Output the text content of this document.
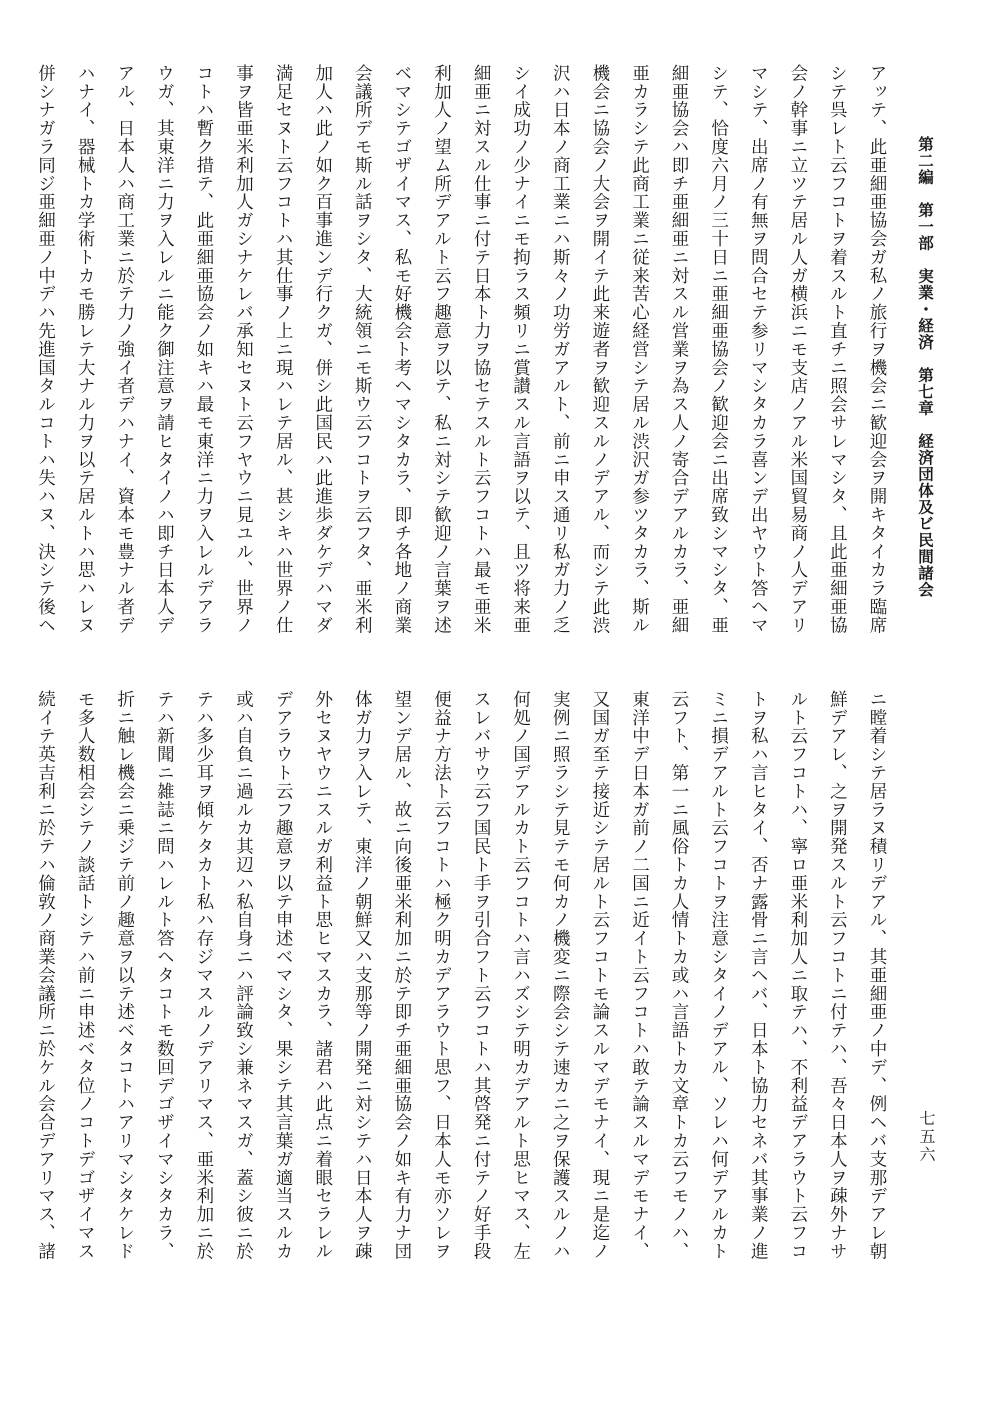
第二編　第一部　実業・経済　第七章　経済団体及ビ民間諸会
七五六
アッテ、此亜細亜協会ガ私ノ旅行ヲ機会ニ歓迎会ヲ開キタイカラ臨席
シテ呉レト云フコトヲ着スルト直チニ照会サレマシタ、且此亜細亜協
会ノ幹事ニ立ツテ居ル人ガ横浜ニモ支店ノアル米国貿易商ノ人デアリ
マシテ、出席ノ有無ヲ問合セテ参リマシタカラ喜ンデ出ヤウト答ヘマ
シテ、恰度六月ノ三十日ニ亜細亜協会ノ歓迎会ニ出席致シマシタ、亜
細亜協会ハ即チ亜細亜ニ対スル営業ヲ為ス人ノ寄合デアルカラ、亜細
亜カラシテ此商工業ニ従来苦心経営シテ居ル渋沢ガ参ツタカラ、斯ル
機会ニ協会ノ大会ヲ開イテ此来遊者ヲ歓迎スルノデアル、而シテ此渋
沢ハ日本ノ商工業ニハ斯々ノ功労ガアルト、前ニ申ス通リ私ガ力ノ乏
シイ成功ノ少ナイニモ拘ラス頻リニ賞讃スル言語ヲ以テ、且ツ将来亜
細亜ニ対スル仕事ニ付テ日本ト力ヲ協セテスルト云フコトハ最モ亜米
利加人ノ望ム所デアルト云フ趣意ヲ以テ、私ニ対シテ歓迎ノ言葉ヲ述
ベマシテゴザイマス、私モ好機会ト考ヘマシタカラ、即チ各地ノ商業
会議所デモ斯ル話ヲシタ、大統領ニモ斯ウ云フコトヲ云フタ、亜米利
加人ハ此ノ如ク百事進ンデ行クガ、併シ此国民ハ此進歩ダケデハマダ
満足セヌト云フコトハ其仕事ノ上ニ現ハレテ居ル、甚シキハ世界ノ仕
事ヲ皆亜米利加人ガシナケレバ承知セヌト云フヤウニ見ユル、世界ノ
コトハ暫ク措テ、此亜細亜協会ノ如キハ最モ東洋ニ力ヲ入レルデアラ
ウガ、其東洋ニ力ヲ入レルニ能ク御注意ヲ請ヒタイノハ即チ日本人デ
アル、日本人ハ商工業ニ於テ力ノ強イ者デハナイ、資本モ豊ナル者デ
ハナイ、器械トカ学術トカモ勝レテ大ナル力ヲ以テ居ルトハ思ハレヌ
併シナガラ同ジ亜細亜ノ中デハ先進国タルコトハ失ハヌ、決シテ後ヘ
ニ瞠着シテ居ラヌ積リデアル、其亜細亜ノ中デ、例ヘバ支那デアレ朝
鮮デアレ、之ヲ開発スルト云フコトニ付テハ、吾々日本人ヲ疎外ナサ
ルト云フコトハ、寧ロ亜米利加人ニ取テハ、不利益デアラウト云フコ
トヲ私ハ言ヒタイ、否ナ露骨ニ言ヘバ、日本ト協力セネバ其事業ノ進
ミニ損デアルト云フコトヲ注意シタイノデアル、ソレハ何デアルカト
云フト、第一ニ風俗トカ人情トカ或ハ言語トカ文章トカ云フモノハ、
東洋中デ日本ガ前ノ二国ニ近イト云フコトハ敢テ論スルマデモナイ、
又国ガ至テ接近シテ居ルト云フコトモ論スルマデモナイ、現ニ是迄ノ
実例ニ照ラシテ見テモ何カノ機変ニ際会シテ速カニ之ヲ保護スルノハ
何処ノ国デアルカト云フコトハ言ハズシテ明カデアルト思ヒマス、左
スレバサウ云フ国民ト手ヲ引合フト云フコトハ其啓発ニ付テノ好手段
便益ナ方法ト云フコトハ極ク明カデアラウト思フ、日本人モ亦ソレヲ
望ンデ居ル、故ニ向後亜米利加ニ於テ即チ亜細亜協会ノ如キ有力ナ団
体ガ力ヲ入レテ、東洋ノ朝鮮又ハ支那等ノ開発ニ対シテハ日本人ヲ疎
外セヌヤウニスルガ利益ト思ヒマスカラ、諸君ハ此点ニ着眼セラレル
デアラウト云フ趣意ヲ以テ申述ベマシタ、果シテ其言葉ガ適当スルカ
或ハ自負ニ過ルカ其辺ハ私自身ニハ評論致シ兼ネマスガ、蓋シ彼ニ於
テハ多少耳ヲ傾ケタカト私ハ存ジマスルノデアリマス、亜米利加ニ於
テハ新聞ニ雑誌ニ問ハレルト答ヘタコトモ数回デゴザイマシタカラ、
折ニ触レ機会ニ乗ジテ前ノ趣意ヲ以テ述ベタコトハアリマシタケレド
モ多人数相会シテノ談話トシテハ前ニ申述ベタ位ノコトデゴザイマス
続イテ英吉利ニ於テハ倫敦ノ商業会議所ニ於ケル会合デアリマス、諸
